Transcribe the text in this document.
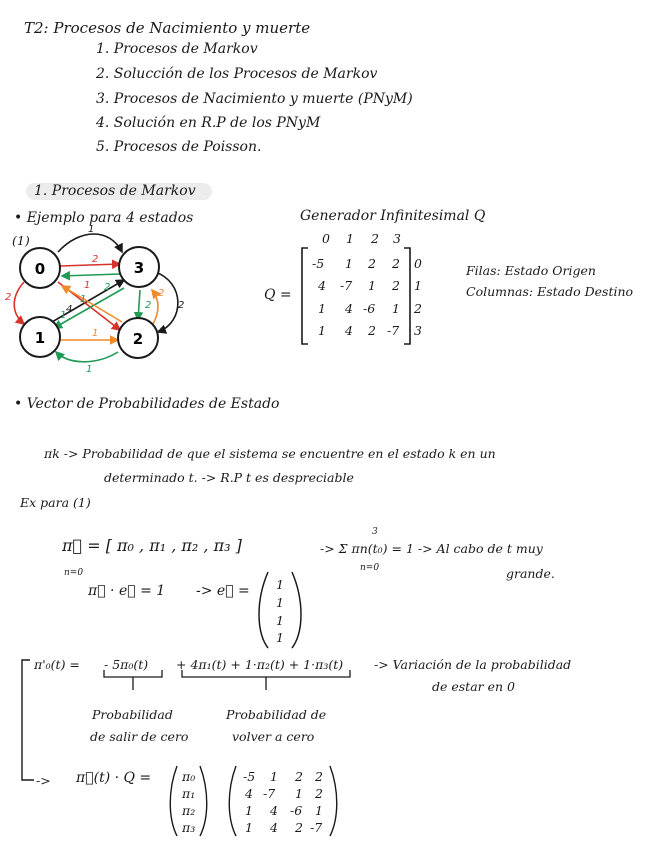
T2: Procesos de Nacimiento y muerte
1. Procesos de Markov
2. Solucción de los Procesos de Markov
3. Procesos de Nacimiento y muerte (PNyM)
4. Solución en R.P de los PNyM
5. Procesos de Poisson.
1. Procesos de Markov
• Ejemplo para 4 estados
(1)
0	3
1	2
1
2
2
2
1
2
4
1
1
1
1
2
2
Generador Infinitesimal Q
0 1 2 3
Q =
-5 1 2 2
4 -7 1 2
1 4 -6 1
1 4 2 -7
0
1
2
3
Filas: Estado Origen
Columnas: Estado Destino
• Vector de Probabilidades de Estado
πk -> Probabilidad de que el sistema se encuentre en el estado k en un
determinado t. -> R.P t es despreciable
Ex para (1)
π⃗ = [ π₀ , π₁ , π₂ , π₃ ]
n=0
3
-> Σ πn(t₀) = 1 -> Al cabo de t muy
n=0	grande.
π⃗ · e⃗ = 1 -> e⃗ = 1
1
1
1
π'₀(t) = - 5π₀(t) + 4π₁(t) + 1·π₂(t) + 1·π₃(t) -> Variación de la probabilidad
de estar en 0
Probabilidad
de salir de cero
Probabilidad de
volver a cero
-> π⃗(t) · Q = π₀
π₁
π₂
π₃
-5 1 2 2
4 -7 1 2
1 4 -6 1
1 4 2 -7
